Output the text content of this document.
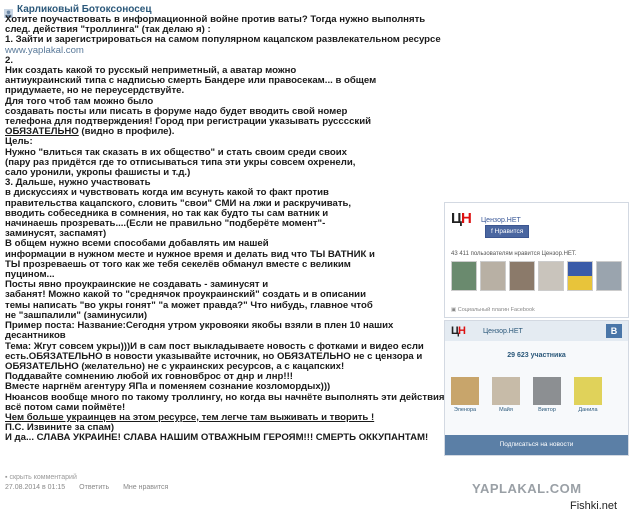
Карликовый Ботоксоносец

Хотите поучаствовать в информационной войне против ваты? Тогда нужно выполнять

след. действия "троллинга" (так делаю я) :

1. Зайти и зарегистрироваться на самом популярном кацапском развлекательном ресурсе

www.yaplakal.com

2.

Ник создать какой то русскый неприметный, а аватар можно

антиукраинский типа с надписью смерть Бандере или правосекам... в общем

придумаете, но не переусердствуйте.

Для того чтоб там можно было

создавать посты или писать в форуме надо будет вводить свой номер

телефона для подтверждения! Город при регистрации указывать русссский

ОБЯЗАТЕЛЬНО (видно в профиле).

Цель:

Нужно "влиться так сказать в их общество" и стать своим среди своих

(пару раз придётся где то отписываться типа эти укры совсем охренели,

сало уронили, укропы фашисты и т.д.)

3. Дальше, нужно участвовать

в дискуссиях и чувствовать когда им всунуть какой то факт против

правительства кацапского, словить "свои" СМИ на лжи и раскручивать,

вводить собеседника в сомнения, но так как будто ты сам ватник и

начинаешь прозревать....(Если не правильно "подберёте момент"-

заминусят, заспамят)

В общем нужно всеми способами добавлять им нашей

информации в нужном месте и нужное время и делать вид что ТЫ ВАТНИК и

ТЫ прозреваешь от того как же тебя секелёв обманул вместе с великим

пуцином...

Посты явно проукраинские не создавать - заминусят и

забанят! Можно какой то "среднячок проукраинский" создать и в описании

темы написать "во укры гонят" "а может правда?" Что нибудь, главное чтоб

не "зашпалили" (заминусили)

Пример поста: Название:Сегодня утром укровояки якобы взяли в плен 10 наших

десантников

Тема: Жгут совсем укры)))И в сам пост выкладываете новость с фотками и видео если

есть.ОБЯЗАТЕЛЬНО в новости указывайте источник, но ОБЯЗАТЕЛЬНО не с цензора и

ОБЯЗАТЕЛЬНО (желательно) не с украинских ресурсов, а с кацапских!

Поддавайте сомнению любой их говновброс от днр и лнр!!!

Вместе наргнём агентуру ЯПа и поменяем сознание козломордых)))

Нюансов вообще много по такому троллингу, но когда вы начнёте выполнять эти действия

всё потом сами поймёте!

Чем больше украинцев на этом ресурсе, тем легче там выживать и творить !

П.С. Извините за спам)

И да... СЛАВА УКРАИНЕ! СЛАВА НАШИМ ОТВАЖНЫМ ГЕРОЯМ!!! СМЕРТЬ ОККУПАНТАМ!

▪ скрыть комментарий
27.08.2014 в 01:15 Ответить Мне нравится
ЦН	Цензор.НЕТ
f Нравится
43 411 пользователям нравится Цензор.НЕТ.
▣ Социальный плагин Facebook
ЦН	Цензор.НЕТ	В
29 623 участника
Эленора	Майя	Виктор	Данила
Подписаться на новости
YAPLAKAL.COM
Fishki.net
